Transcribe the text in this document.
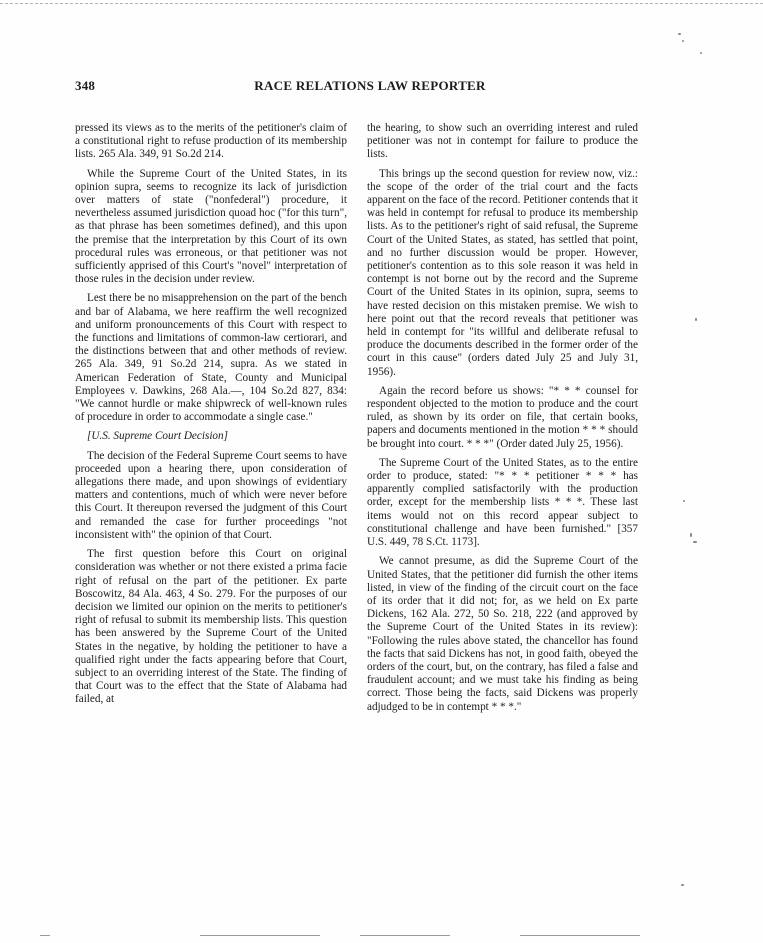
348	RACE RELATIONS LAW REPORTER

pressed its views as to the merits of the petitioner's claim of a constitutional right to refuse production of its membership lists. 265 Ala. 349, 91 So.2d 214.

While the Supreme Court of the United States, in its opinion supra, seems to recognize its lack of jurisdiction over matters of state ("nonfederal") procedure, it nevertheless assumed jurisdiction quoad hoc ("for this turn", as that phrase has been sometimes defined), and this upon the premise that the interpretation by this Court of its own procedural rules was erroneous, or that petitioner was not sufficiently apprised of this Court's "novel" interpretation of those rules in the decision under review.

Lest there be no misapprehension on the part of the bench and bar of Alabama, we here reaffirm the well recognized and uniform pronouncements of this Court with respect to the functions and limitations of common-law certiorari, and the distinctions between that and other methods of review. 265 Ala. 349, 91 So.2d 214, supra. As we stated in American Federation of State, County and Municipal Employees v. Dawkins, 268 Ala.—, 104 So.2d 827, 834: "We cannot hurdle or make shipwreck of well-known rules of procedure in order to accommodate a single case."

[U.S. Supreme Court Decision]

The decision of the Federal Supreme Court seems to have proceeded upon a hearing there, upon consideration of allegations there made, and upon showings of evidentiary matters and contentions, much of which were never before this Court. It thereupon reversed the judgment of this Court and remanded the case for further proceedings "not inconsistent with" the opinion of that Court.

The first question before this Court on original consideration was whether or not there existed a prima facie right of refusal on the part of the petitioner. Ex parte Boscowitz, 84 Ala. 463, 4 So. 279. For the purposes of our decision we limited our opinion on the merits to petitioner's right of refusal to submit its membership lists. This question has been answered by the Supreme Court of the United States in the negative, by holding the petitioner to have a qualified right under the facts appearing before that Court, subject to an overriding interest of the State. The finding of that Court was to the effect that the State of Alabama had failed, at

the hearing, to show such an overriding interest and ruled petitioner was not in contempt for failure to produce the lists.

This brings up the second question for review now, viz.: the scope of the order of the trial court and the facts apparent on the face of the record. Petitioner contends that it was held in contempt for refusal to produce its membership lists. As to the petitioner's right of said refusal, the Supreme Court of the United States, as stated, has settled that point, and no further discussion would be proper. However, petitioner's contention as to this sole reason it was held in contempt is not borne out by the record and the Supreme Court of the United States in its opinion, supra, seems to have rested decision on this mistaken premise. We wish to here point out that the record reveals that petitioner was held in contempt for "its willful and deliberate refusal to produce the documents described in the former order of the court in this cause" (orders dated July 25 and July 31, 1956).

Again the record before us shows: "* * * counsel for respondent objected to the motion to produce and the court ruled, as shown by its order on file, that certain books, papers and documents mentioned in the motion * * * should be brought into court. * * *" (Order dated July 25, 1956).

The Supreme Court of the United States, as to the entire order to produce, stated: "* * * petitioner * * * has apparently complied satisfactorily with the production order, except for the membership lists * * *. These last items would not on this record appear subject to constitutional challenge and have been furnished." [357 U.S. 449, 78 S.Ct. 1173].

We cannot presume, as did the Supreme Court of the United States, that the petitioner did furnish the other items listed, in view of the finding of the circuit court on the face of its order that it did not; for, as we held on Ex parte Dickens, 162 Ala. 272, 50 So. 218, 222 (and approved by the Supreme Court of the United States in its review): "Following the rules above stated, the chancellor has found the facts that said Dickens has not, in good faith, obeyed the orders of the court, but, on the contrary, has filed a false and fraudulent account; and we must take his finding as being correct. Those being the facts, said Dickens was properly adjudged to be in contempt * * *."
